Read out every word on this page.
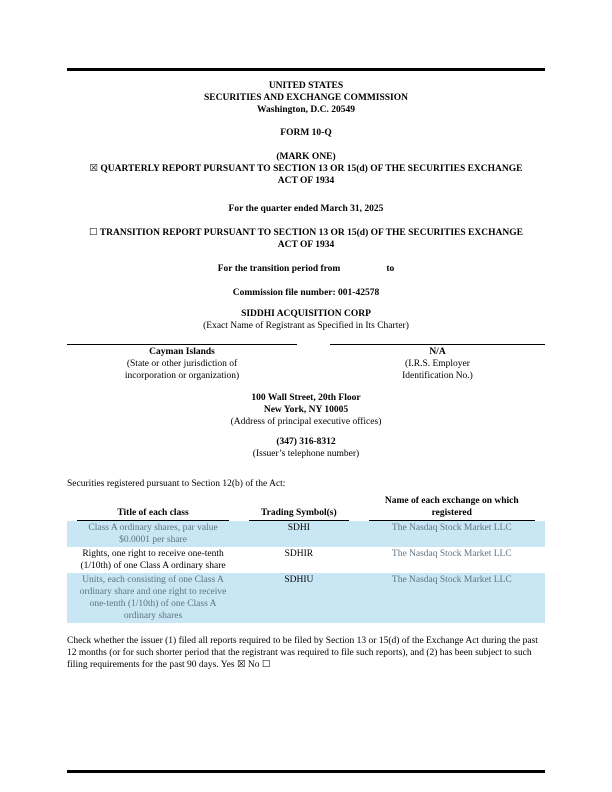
UNITED STATES
SECURITIES AND EXCHANGE COMMISSION
Washington, D.C. 20549
FORM 10-Q
(MARK ONE)

☒ QUARTERLY REPORT PURSUANT TO SECTION 13 OR 15(d) OF THE SECURITIES EXCHANGE
ACT OF 1934

For the quarter ended March 31, 2025

☐ TRANSITION REPORT PURSUANT TO SECTION 13 OR 15(d) OF THE SECURITIES EXCHANGE
ACT OF 1934

For the transition period from	to
Commission file number: 001-42578
SIDDHI ACQUISITION CORP
(Exact Name of Registrant as Specified in Its Charter)
Cayman Islands
(State or other jurisdiction of
incorporation or organization)
N/A
(I.R.S. Employer
Identification No.)
100 Wall Street, 20th Floor
New York, NY 10005
(Address of principal executive offices)
(347) 316-8312
(Issuer’s telephone number)
Securities registered pursuant to Section 12(b) of the Act:
Title of each class	Trading Symbol(s)	Name of each exchange on which registered

Class A ordinary shares, par value $0.0001 per share	SDHI	The Nasdaq Stock Market LLC
Rights, one right to receive one-tenth (1/10th) of one Class A ordinary share	SDHIR	The Nasdaq Stock Market LLC
Units, each consisting of one Class A ordinary share and one right to receive one-tenth (1/10th) of one Class A ordinary shares	SDHIU	The Nasdaq Stock Market LLC

Check whether the issuer (1) filed all reports required to be filed by Section 13 or 15(d) of the Exchange Act during the past 12 months (or for such shorter period that the registrant was required to file such reports), and (2) has been subject to such filing requirements for the past 90 days. Yes ☒ No ☐
